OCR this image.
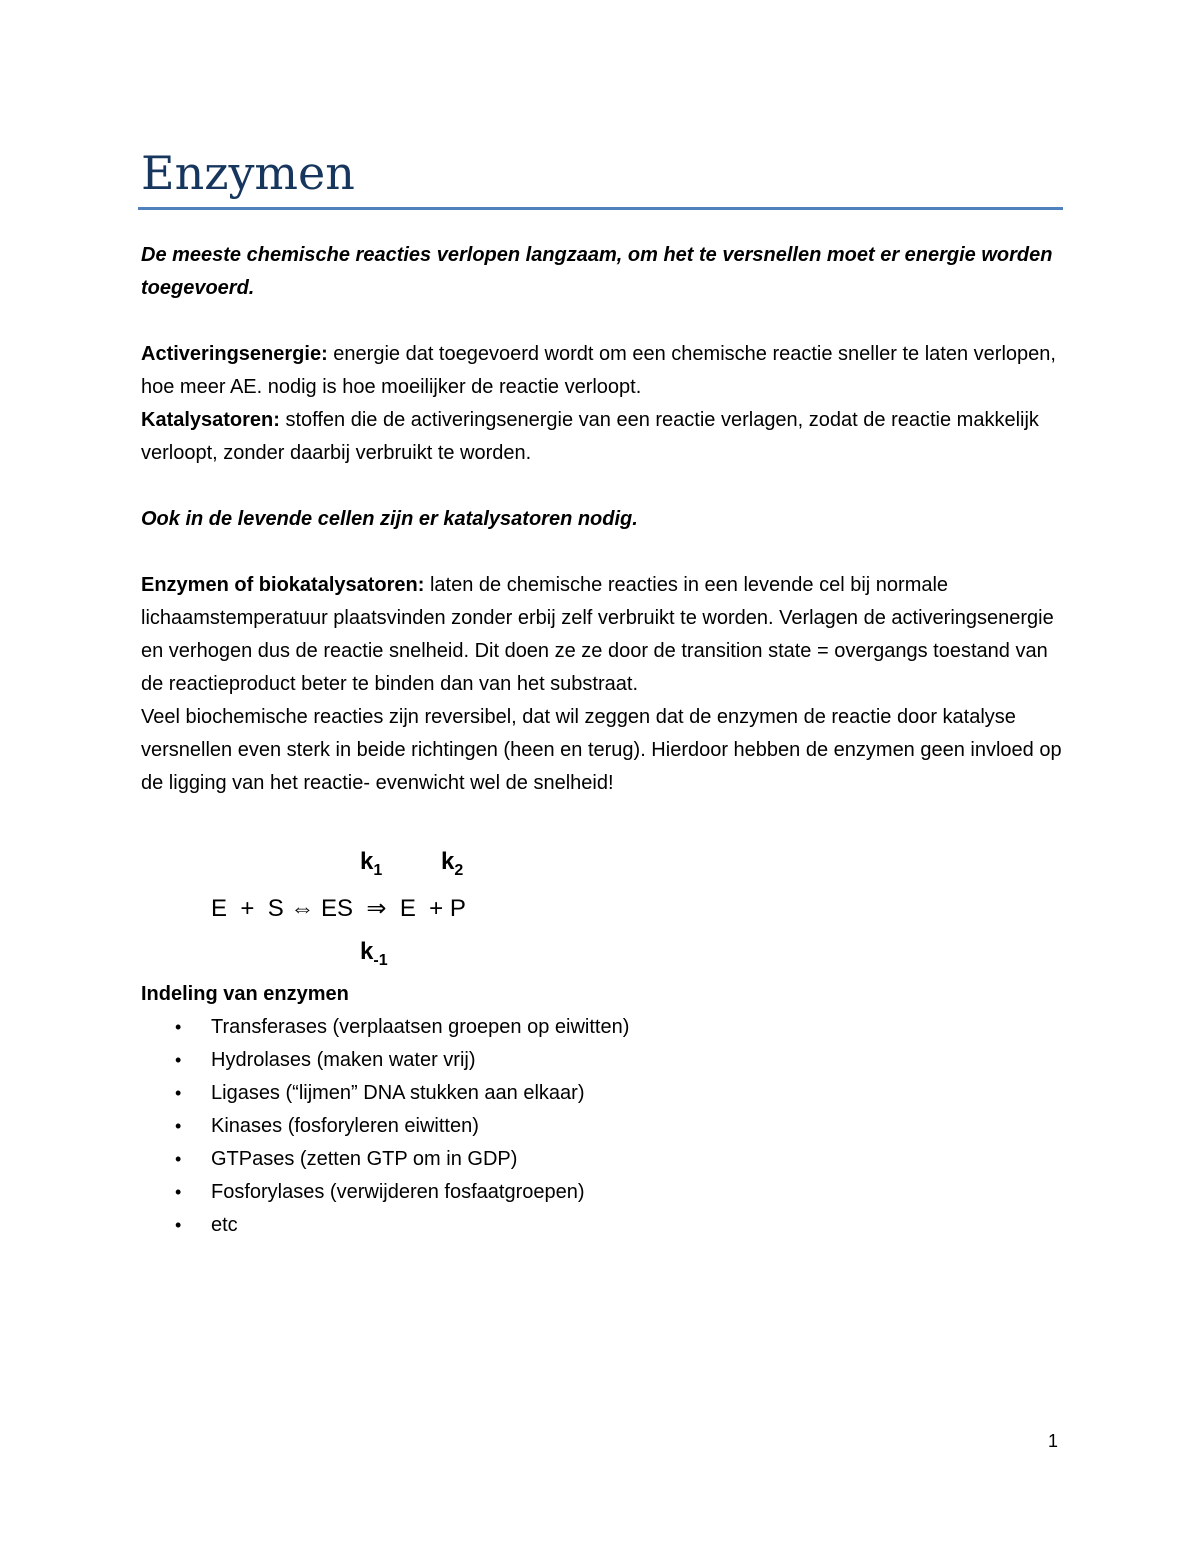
Enzymen

De meeste chemische reacties verlopen langzaam, om het te versnellen moet er energie worden toegevoerd.

Activeringsenergie: energie dat toegevoerd wordt om een chemische reactie sneller te laten verlopen, hoe meer AE. nodig is hoe moeilijker de reactie verloopt.

Katalysatoren: stoffen die de activeringsenergie van een reactie verlagen, zodat de reactie makkelijk verloopt, zonder daarbij verbruikt te worden.

Ook in de levende cellen zijn er katalysatoren nodig.

Enzymen of biokatalysatoren: laten de chemische reacties in een levende cel bij normale lichaamstemperatuur plaatsvinden zonder erbij zelf verbruikt te worden. Verlagen de activeringsenergie en verhogen dus de reactie snelheid. Dit doen ze ze door de transition state = overgangs toestand van de reactieproduct beter te binden dan van het substraat.

Veel biochemische reacties zijn reversibel, dat wil zeggen dat de enzymen de reactie door katalyse versnellen even sterk in beide richtingen (heen en terug). Hierdoor hebben de enzymen geen invloed op de ligging van het reactie- evenwicht wel de snelheid!

$k_1$ $k_2$
E  +  S ⇔ ES  ⇒  E  + P
$k_{-1}$

Indeling van enzymen

• Transferases (verplaatsen groepen op eiwitten)
• Hydrolases (maken water vrij)
• Ligases (“lijmen” DNA stukken aan elkaar)
• Kinases (fosforyleren eiwitten)
• GTPases (zetten GTP om in GDP)
• Fosforylases (verwijderen fosfaatgroepen)
• etc
1
